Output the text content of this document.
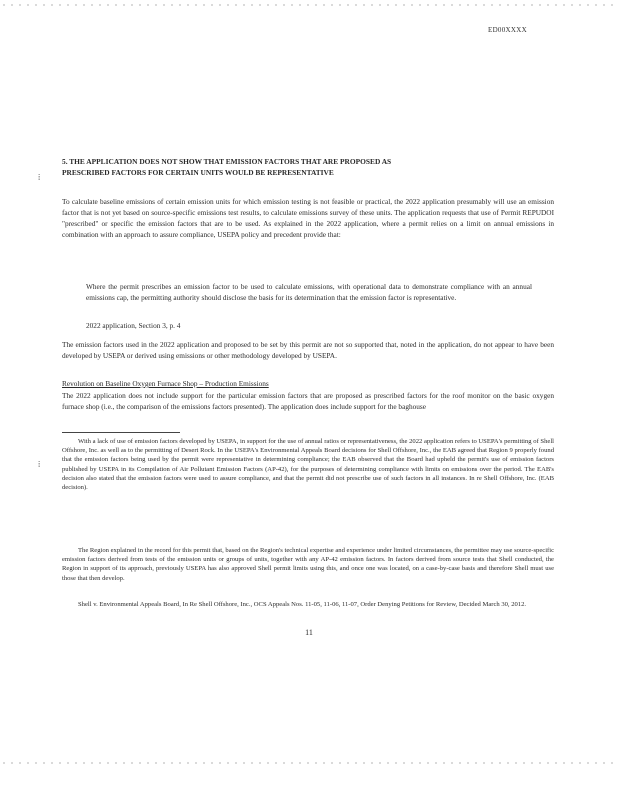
ED00XXXX
⁞
5. THE APPLICATION DOES NOT SHOW THAT EMISSION FACTORS THAT ARE PROPOSED AS PRESCRIBED FACTORS FOR CERTAIN UNITS WOULD BE REPRESENTATIVE
To calculate baseline emissions of certain emission units for which emission testing is not feasible or practical, the 2022 application presumably will use an emission factor that is not yet based on source-specific emissions test results, to calculate emissions survey of these units. The application requests that use of Permit REPUDOI "prescribed" or specific the emission factors that are to be used. As explained in the 2022 application, where a permit relies on a limit on annual emissions in combination with an approach to assure compliance, USEPA policy and precedent provide that:
Where the permit prescribes an emission factor to be used to calculate emissions, with operational data to demonstrate compliance with an annual emissions cap, the permitting authority should disclose the basis for its determination that the emission factor is representative.
2022 application, Section 3, p. 4
The emission factors used in the 2022 application and proposed to be set by this permit are not so supported that, noted in the application, do not appear to have been developed by USEPA or derived using emissions or other methodology developed by USEPA.
Revolution on Baseline Oxygen Furnace Shop – Production Emissions
The 2022 application does not include support for the particular emission factors that are proposed as prescribed factors for the roof monitor on the basic oxygen furnace shop (i.e., the comparison of the emissions factors presented). The application does include support for the baghouse
⁞
With a lack of use of emission factors developed by USEPA, in support for the use of annual ratios or representativeness, the 2022 application refers to USEPA's permitting of Shell Offshore, Inc. as well as to the permitting of Desert Rock. In the USEPA's Environmental Appeals Board decisions for Shell Offshore, Inc., the EAB agreed that Region 9 properly found that the emission factors being used by the permit were representative in determining compliance; the EAB observed that the Board had upheld the permit's use of emission factors published by USEPA in its Compilation of Air Pollutant Emission Factors (AP-42), for the purposes of determining compliance with limits on emissions over the period. The EAB's decision also stated that the emission factors were used to assure compliance, and that the permit did not prescribe use of such factors in all instances. In re Shell Offshore, Inc. (EAB decision).
The Region explained in the record for this permit that, based on the Region's technical expertise and experience under limited circumstances, the permittee may use source-specific emission factors derived from tests of the emission units or groups of units, together with any AP-42 emission factors. In factors derived from source tests that Shell conducted, the Region in support of its approach, previously USEPA has also approved Shell permit limits using this, and once one was located, on a case-by-case basis and therefore Shell must use those that then develop.
Shell v. Environmental Appeals Board, In Re Shell Offshore, Inc., OCS Appeals Nos. 11-05, 11-06, 11-07, Order Denying Petitions for Review, Decided March 30, 2012.
11
